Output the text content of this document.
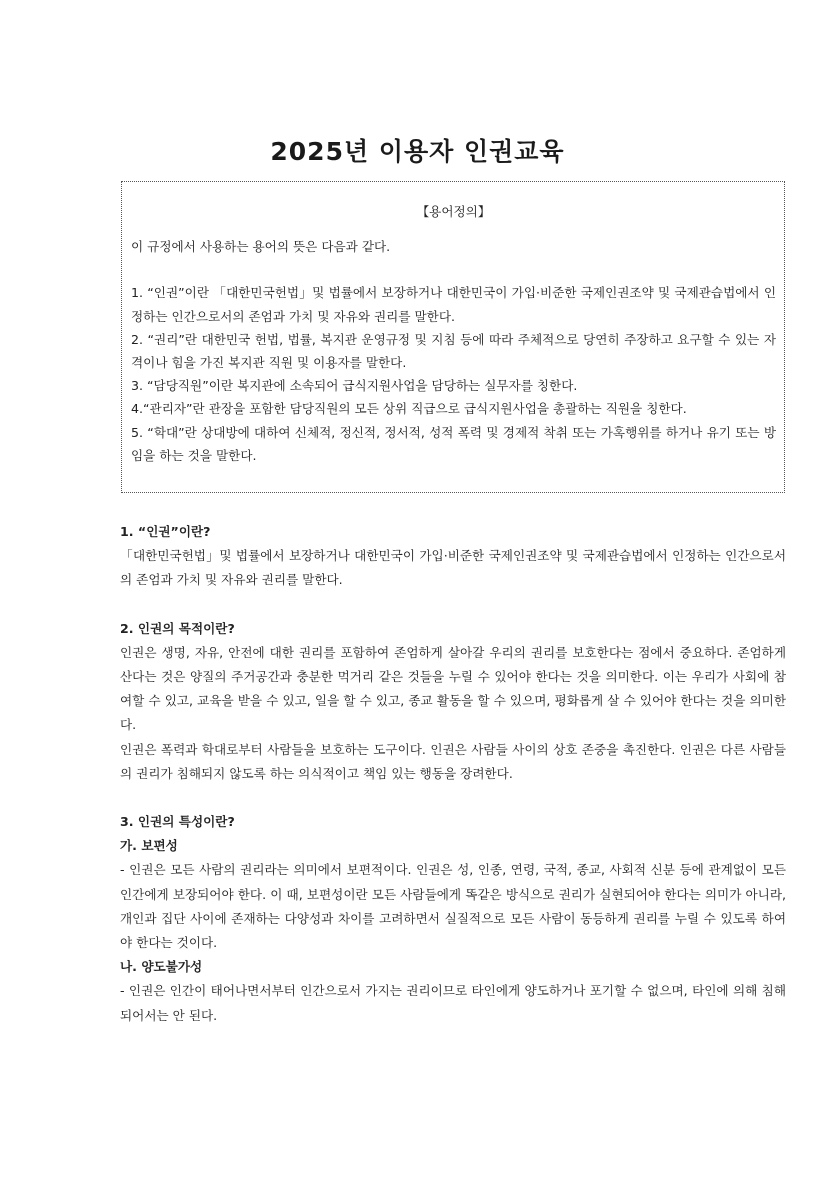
2025년 이용자 인권교육

【용어정의】

이 규정에서 사용하는 용어의 뜻은 다음과 같다.

1. “인권”이란 「대한민국헌법」및 법률에서 보장하거나 대한민국이 가입·비준한 국제인권조약 및 국제관습법에서 인정하는 인간으로서의 존엄과 가치 및 자유와 권리를 말한다.
2. “권리”란 대한민국 헌법, 법률, 복지관 운영규정 및 지침 등에 따라 주체적으로 당연히 주장하고 요구할 수 있는 자격이나 힘을 가진 복지관 직원 및 이용자를 말한다.
3. “담당직원”이란 복지관에 소속되어 급식지원사업을 담당하는 실무자를 칭한다.
4.“관리자”란 관장을 포함한 담당직원의 모든 상위 직급으로 급식지원사업을 총괄하는 직원을 칭한다.
5. “학대”란 상대방에 대하여 신체적, 정신적, 정서적, 성적 폭력 및 경제적 착취 또는 가혹행위를 하거나 유기 또는 방임을 하는 것을 말한다.

1. “인권”이란?

「대한민국헌법」및 법률에서 보장하거나 대한민국이 가입·비준한 국제인권조약 및 국제관습법에서 인정하는 인간으로서의 존엄과 가치 및 자유와 권리를 말한다.

2. 인권의 목적이란?

인권은 생명, 자유, 안전에 대한 권리를 포함하여 존엄하게 살아갈 우리의 권리를 보호한다는 점에서 중요하다. 존엄하게 산다는 것은 양질의 주거공간과 충분한 먹거리 같은 것들을 누릴 수 있어야 한다는 것을 의미한다. 이는 우리가 사회에 참여할 수 있고, 교육을 받을 수 있고, 일을 할 수 있고, 종교 활동을 할 수 있으며, 평화롭게 살 수 있어야 한다는 것을 의미한다.

인권은 폭력과 학대로부터 사람들을 보호하는 도구이다. 인권은 사람들 사이의 상호 존중을 촉진한다. 인권은 다른 사람들의 권리가 침해되지 않도록 하는 의식적이고 책임 있는 행동을 장려한다.

3. 인권의 특성이란?

가. 보편성

- 인권은 모든 사람의 권리라는 의미에서 보편적이다. 인권은 성, 인종, 연령, 국적, 종교, 사회적 신분 등에 관계없이 모든 인간에게 보장되어야 한다. 이 때, 보편성이란 모든 사람들에게 똑같은 방식으로 권리가 실현되어야 한다는 의미가 아니라, 개인과 집단 사이에 존재하는 다양성과 차이를 고려하면서 실질적으로 모든 사람이 동등하게 권리를 누릴 수 있도록 하여야 한다는 것이다.

나. 양도불가성

- 인권은 인간이 태어나면서부터 인간으로서 가지는 권리이므로 타인에게 양도하거나 포기할 수 없으며, 타인에 의해 침해되어서는 안 된다.
